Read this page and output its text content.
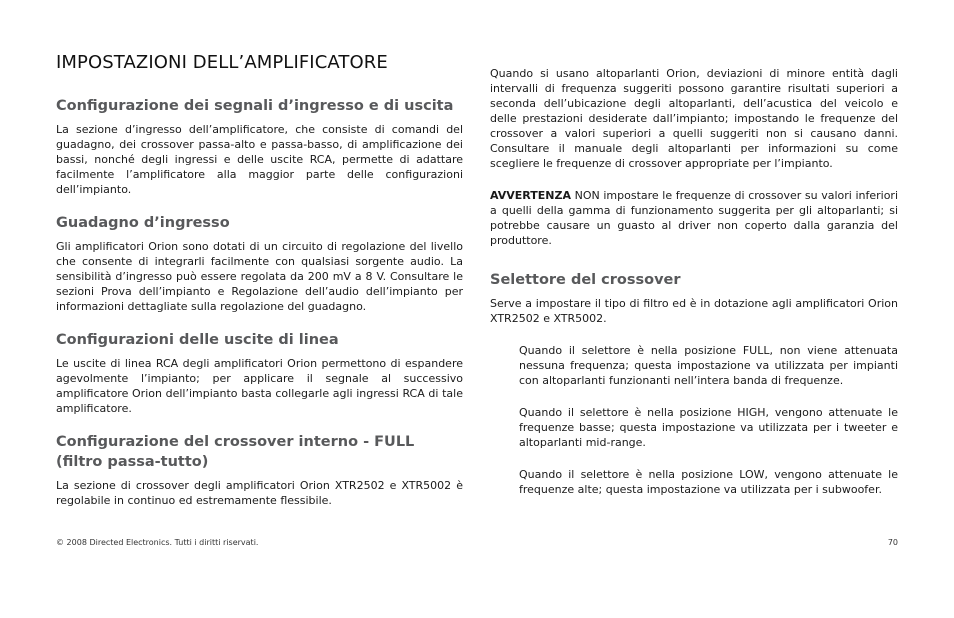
IMPOSTAZIONI DELL’AMPLIFICATORE
Configurazione dei segnali d’ingresso e di uscita

La sezione d’ingresso dell’amplificatore, che consiste di comandi del guadagno, dei crossover passa-alto e passa-basso, di amplificazione dei bassi, nonché degli ingressi e delle uscite RCA, permette di adattare facilmente l’amplificatore alla maggior parte delle configurazioni dell’impianto.

Guadagno d’ingresso

Gli amplificatori Orion sono dotati di un circuito di regolazione del livello che consente di integrarli facilmente con qualsiasi sorgente audio. La sensibilità d’ingresso può essere regolata da 200 mV a 8 V. Consultare le sezioni Prova dell’impianto e Regolazione dell’audio dell’impianto per informazioni dettagliate sulla regolazione del guadagno.

Configurazioni delle uscite di linea

Le uscite di linea RCA degli amplificatori Orion permettono di espandere agevolmente l’impianto; per applicare il segnale al successivo amplificatore Orion dell’impianto basta collegarle agli ingressi RCA di tale amplificatore.

Configurazione del crossover interno - FULL (filtro passa-tutto)

La sezione di crossover degli amplificatori Orion XTR2502 e XTR5002 è regolabile in continuo ed estremamente flessibile.

Quando si usano altoparlanti Orion, deviazioni di minore entità dagli intervalli di frequenza suggeriti possono garantire risultati superiori a seconda dell’ubicazione degli altoparlanti, dell’acustica del veicolo e delle prestazioni desiderate dall’impianto; impostando le frequenze del crossover a valori superiori a quelli suggeriti non si causano danni. Consultare il manuale degli altoparlanti per informazioni su come scegliere le frequenze di crossover appropriate per l’impianto.

AVVERTENZA NON impostare le frequenze di crossover su valori inferiori a quelli della gamma di funzionamento suggerita per gli altoparlanti; si potrebbe causare un guasto al driver non coperto dalla garanzia del produttore.

Selettore del crossover

Serve a impostare il tipo di filtro ed è in dotazione agli amplificatori Orion XTR2502 e XTR5002.

Quando il selettore è nella posizione FULL, non viene attenuata nessuna frequenza; questa impostazione va utilizzata per impianti con altoparlanti funzionanti nell’intera banda di frequenze.

Quando il selettore è nella posizione HIGH, vengono attenuate le frequenze basse; questa impostazione va utilizzata per i tweeter e altoparlanti mid-range.

Quando il selettore è nella posizione LOW, vengono attenuate le frequenze alte; questa impostazione va utilizzata per i subwoofer.

© 2008 Directed Electronics. Tutti i diritti riservati.	70
